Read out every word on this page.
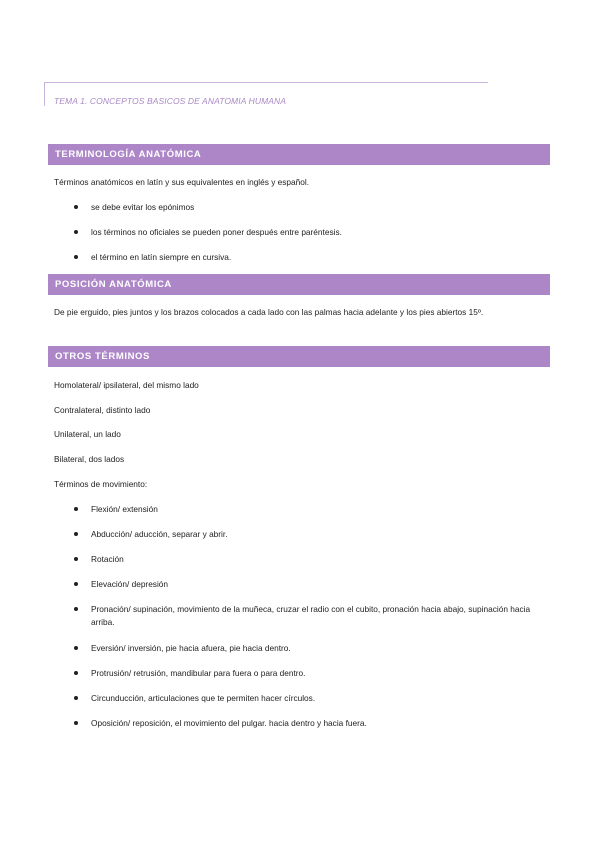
TEMA 1. CONCEPTOS BASICOS DE ANATOMIA HUMANA
TERMINOLOGÍA ANATÓMICA
Términos anatómicos en latín y sus equivalentes en inglés y español.
se debe evitar los epónimos
los términos no oficiales se pueden poner después entre paréntesis.
el término en latín siempre en cursiva.
POSICIÓN ANATÓMICA
De pie erguido, pies juntos y los brazos colocados a cada lado con las palmas hacia adelante y los pies abiertos 15º.
OTROS TÉRMINOS
Homolateral/ ipsilateral, del mismo lado
Contralateral, distinto lado
Unilateral, un lado
Bilateral, dos lados
Términos de movimiento:
Flexión/ extensión
Abducción/ aducción, separar y abrir.
Rotación
Elevación/ depresión
Pronación/ supinación, movimiento de la muñeca, cruzar el radio con el cubito, pronación hacia abajo, supinación hacia arriba.
Eversión/ inversión, pie hacia afuera, pie hacia dentro.
Protrusión/ retrusión, mandibular para fuera o para dentro.
Circunducción, articulaciones que te permiten hacer círculos.
Oposición/ reposición, el movimiento del pulgar. hacia dentro y hacia fuera.
